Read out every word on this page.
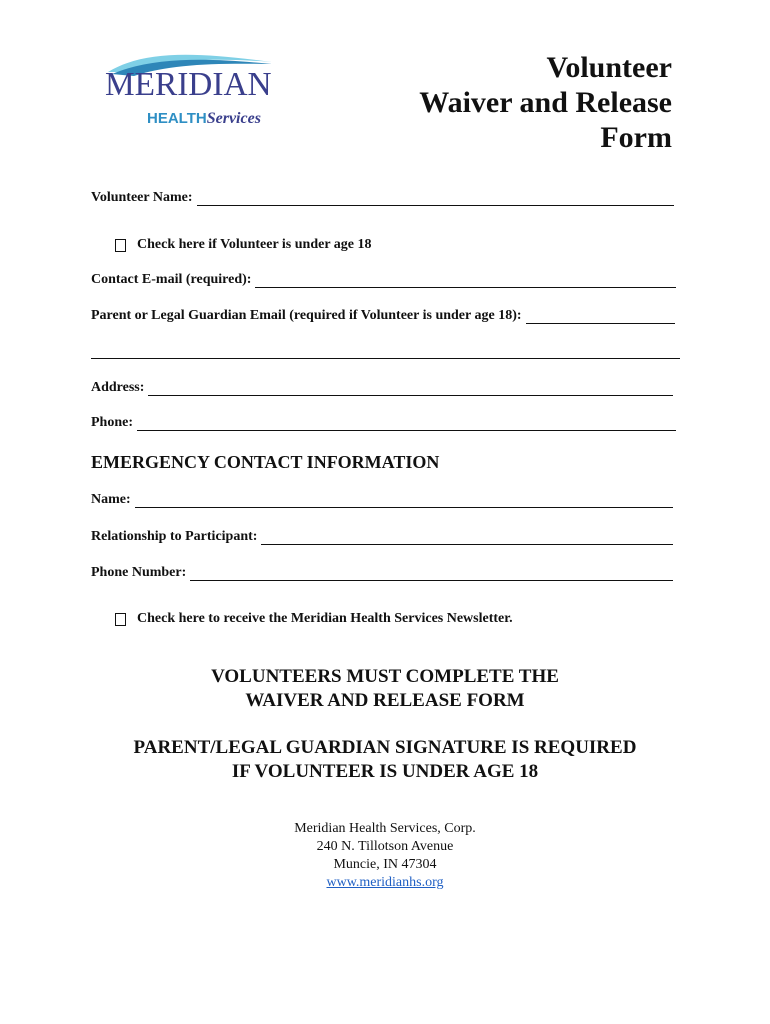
MERIDIAN
HEALTHServices
Volunteer
Waiver and Release
Form
Volunteer Name:
Check here if Volunteer is under age 18
Contact E-mail (required):
Parent or Legal Guardian Email (required if Volunteer is under age 18):
Address:
Phone:
EMERGENCY CONTACT INFORMATION
Name:
Relationship to Participant:
Phone Number:
Check here to receive the Meridian Health Services Newsletter.
VOLUNTEERS MUST COMPLETE THE
WAIVER AND RELEASE FORM
PARENT/LEGAL GUARDIAN SIGNATURE IS REQUIRED
IF VOLUNTEER IS UNDER AGE 18
Meridian Health Services, Corp.
240 N. Tillotson Avenue
Muncie, IN 47304
www.meridianhs.org
